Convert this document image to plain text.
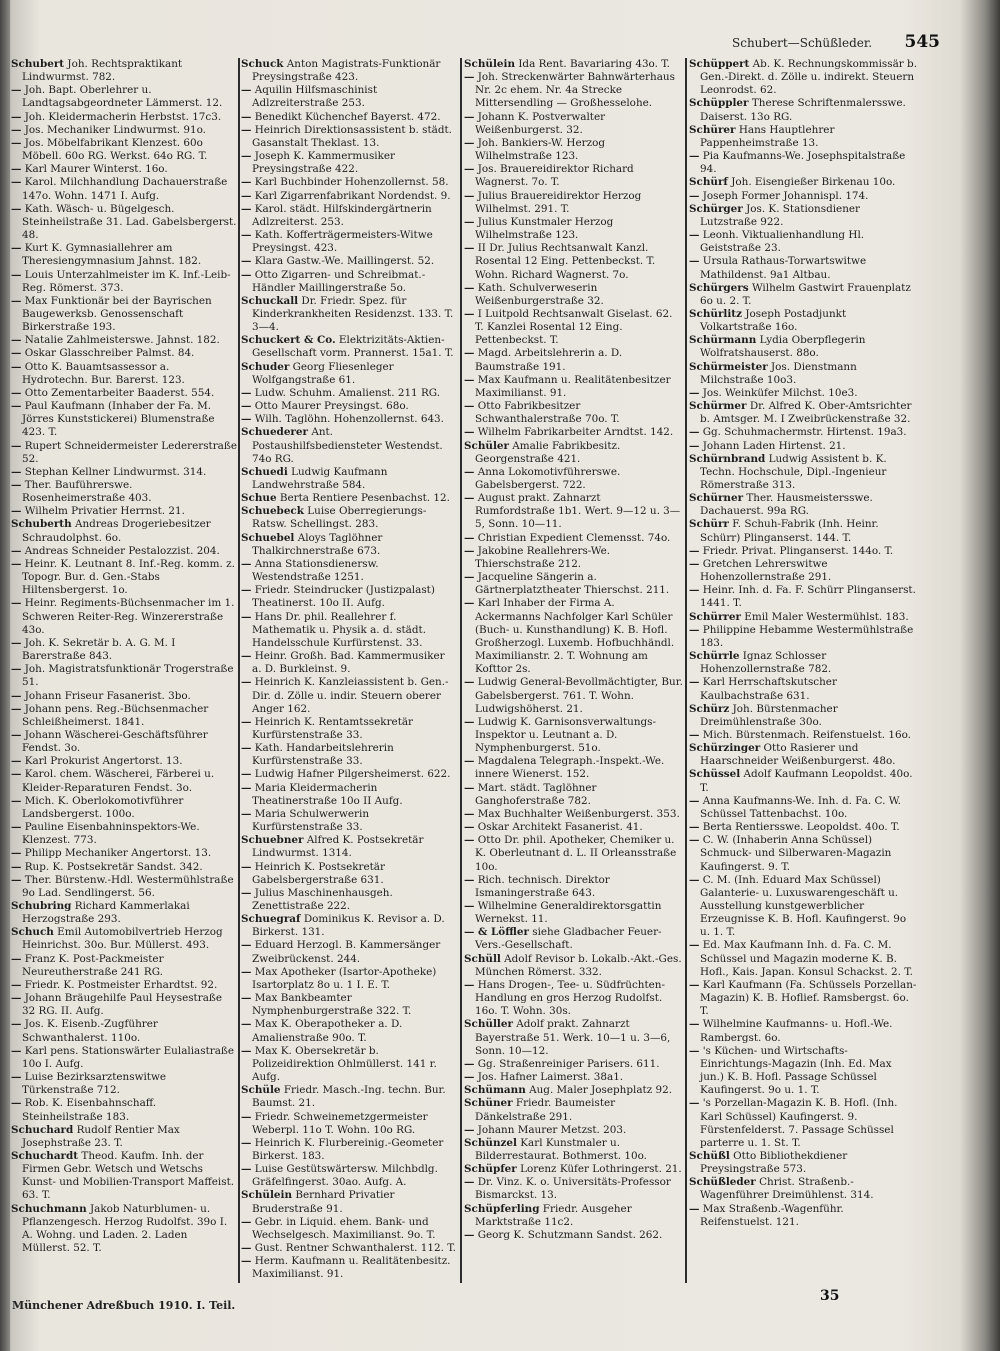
Schubert—Schüßleder. 545

Schubert Joh. Rechtspraktikant Lindwurmst. 782.

— Joh. Bapt. Oberlehrer u. Landtagsabgeordneter Lämmerst. 12.

— Joh. Kleidermacherin Herbstst. 17c3.

— Jos. Mechaniker Lindwurmst. 91o.

— Jos. Möbelfabrikant Klenzest. 60o Möbell. 60o RG. Werkst. 64o RG. T.

— Karl Maurer Winterst. 16o.

— Karol. Milchhandlung Dachauerstraße 147o. Wohn. 1471 I. Aufg.

— Kath. Wäsch- u. Bügelgesch. Steinheilstraße 31. Lad. Gabelsbergerst. 48.

— Kurt K. Gymnasiallehrer am Theresiengymnasium Jahnst. 182.

— Louis Unterzahlmeister im K. Inf.-Leib-Reg. Römerst. 373.

— Max Funktionär bei der Bayrischen Baugewerksb. Genossenschaft Birkerstraße 193.

— Natalie Zahlmeisterswe. Jahnst. 182.

— Oskar Glasschreiber Palmst. 84.

— Otto K. Bauamtsassessor a. Hydrotechn. Bur. Barerst. 123.

— Otto Zementarbeiter Baaderst. 554.

— Paul Kaufmann (Inhaber der Fa. M. Jörres Kunststickerei) Blumenstraße 423. T.

— Rupert Schneidermeister Ledererstraße 52.

— Stephan Kellner Lindwurmst. 314.

— Ther. Bauführerswe. Rosenheimerstraße 403.

— Wilhelm Privatier Herrnst. 21.

Schuberth Andreas Drogeriebesitzer Schraudolphst. 6o.

— Andreas Schneider Pestalozzist. 204.

— Heinr. K. Leutnant 8. Inf.-Reg. komm. z. Topogr. Bur. d. Gen.-Stabs Hiltensbergerst. 1o.

— Heinr. Regiments-Büchsenmacher im 1. Schweren Reiter-Reg. Winzererstraße 43o.

— Joh. K. Sekretär b. A. G. M. I Barerstraße 843.

— Joh. Magistratsfunktionär Trogerstraße 51.

— Johann Friseur Fasanerist. 3bo.

— Johann pens. Reg.-Büchsenmacher Schleißheimerst. 1841.

— Johann Wäscherei-Geschäftsführer Fendst. 3o.

— Karl Prokurist Angertorst. 13.

— Karol. chem. Wäscherei, Färberei u. Kleider-Reparaturen Fendst. 3o.

— Mich. K. Oberlokomotivführer Landsbergerst. 100o.

— Pauline Eisenbahninspektors-We. Klenzest. 773.

— Philipp Mechaniker Angertorst. 13.

— Rup. K. Postsekretär Sandst. 342.

— Ther. Bürstenw.-Hdl. Westermühlstraße 9o Lad. Sendlingerst. 56.

Schubring Richard Kammerlakai Herzogstraße 293.

Schuch Emil Automobilvertrieb Herzog Heinrichst. 30o. Bur. Müllerst. 493.

— Franz K. Post-Packmeister Neureutherstraße 241 RG.

— Friedr. K. Postmeister Erhardtst. 92.

— Johann Bräugehilfe Paul Heysestraße 32 RG. II. Aufg.

— Jos. K. Eisenb.-Zugführer Schwanthalerst. 110o.

— Karl pens. Stationswärter Eulaliastraße 10o I. Aufg.

— Luise Bezirksarztenswitwe Türkenstraße 712.

— Rob. K. Eisenbahnschaff. Steinheilstraße 183.

Schuchard Rudolf Rentier Max Josephstraße 23. T.

Schuchardt Theod. Kaufm. Inh. der Firmen Gebr. Wetsch und Wetschs Kunst- und Mobilien-Transport Maffeist. 63. T.

Schuchmann Jakob Naturblumen- u. Pflanzengesch. Herzog Rudolfst. 39o I. A. Wohng. und Laden. 2. Laden Müllerst. 52. T.

Schuck Anton Magistrats-Funktionär Preysingstraße 423.

— Aquilin Hilfsmaschinist Adlzreiterstraße 253.

— Benedikt Küchenchef Bayerst. 472.

— Heinrich Direktionsassistent b. städt. Gasanstalt Theklast. 13.

— Joseph K. Kammermusiker Preysingstraße 422.

— Karl Buchbinder Hohenzollernst. 58.

— Karl Zigarrenfabrikant Nordendst. 9.

— Karol. städt. Hilfskindergärtnerin Adlzreiterst. 253.

— Kath. Kofferträgermeisters-Witwe Preysingst. 423.

— Klara Gastw.-We. Maillingerst. 52.

— Otto Zigarren- und Schreibmat.-Händler Maillingerstraße 5o.

Schuckall Dr. Friedr. Spez. für Kinderkrankheiten Residenzst. 133. T. 3—4.

Schuckert & Co. Elektrizitäts-Aktien-Gesellschaft vorm. Prannerst. 15a1. T.

Schuder Georg Fliesenleger Wolfgangstraße 61.

— Ludw. Schuhm. Amalienst. 211 RG.

— Otto Maurer Preysingst. 68o.

— Wilh. Taglöhn. Hohenzollernst. 643.

Schuederer Ant. Postaushilfsbediensteter Westendst. 74o RG.

Schuedi Ludwig Kaufmann Landwehrstraße 584.

Schue Berta Rentiere Pesenbachst. 12.

Schuebeck Luise Oberregierungs-Ratsw. Schellingst. 283.

Schuebel Aloys Taglöhner Thalkirchnerstraße 673.

— Anna Stationsdienersw. Westendstraße 1251.

— Friedr. Steindrucker (Justizpalast) Theatinerst. 10o II. Aufg.

— Hans Dr. phil. Reallehrer f. Mathematik u. Physik a. d. städt. Handelsschule Kurfürstenst. 33.

— Heinr. Großh. Bad. Kammermusiker a. D. Burkleinst. 9.

— Heinrich K. Kanzleiassistent b. Gen.-Dir. d. Zölle u. indir. Steuern oberer Anger 162.

— Heinrich K. Rentamtssekretär Kurfürstenstraße 33.

— Kath. Handarbeitslehrerin Kurfürstenstraße 33.

— Ludwig Hafner Pilgersheimerst. 622.

— Maria Kleidermacherin Theatinerstraße 10o II Aufg.

— Maria Schulwerwerin Kurfürstenstraße 33.

Schuebner Alfred K. Postsekretär Lindwurmst. 1314.

— Heinrich K. Postsekretär Gabelsbergerstraße 631.

— Julius Maschinenhausgeh. Zenettistraße 222.

Schuegraf Dominikus K. Revisor a. D. Birkerst. 131.

— Eduard Herzogl. B. Kammersänger Zweibrückenst. 244.

— Max Apotheker (Isartor-Apotheke) Isartorplatz 8o u. 1 I. E. T.

— Max Bankbeamter Nymphenburgerstraße 322. T.

— Max K. Oberapotheker a. D. Amalienstraße 90o. T.

— Max K. Obersekretär b. Polizeidirektion Ohlmüllerst. 141 r. Aufg.

Schüle Friedr. Masch.-Ing. techn. Bur. Baumst. 21.

— Friedr. Schweinemetzgermeister Weberpl. 11o T. Wohn. 10o RG.

— Heinrich K. Flurbereinig.-Geometer Birkerst. 183.

— Luise Gestütswärtersw. Milchbdlg. Gräfelfingerst. 30ao. Aufg. A.

Schülein Bernhard Privatier Bruderstraße 91.

— Gebr. in Liquid. ehem. Bank- und Wechselgesch. Maximilianst. 9o. T.

— Gust. Rentner Schwanthalerst. 112. T.

— Herm. Kaufmann u. Realitätenbesitz. Maximilianst. 91.

Schülein Ida Rent. Bavariaring 43o. T.

— Joh. Streckenwärter Bahnwärterhaus Nr. 2c ehem. Nr. 4a Strecke Mittersendling — Großhesselohe.

— Johann K. Postverwalter Weißenburgerst. 32.

— Joh. Bankiers-W. Herzog Wilhelmstraße 123.

— Jos. Brauereidirektor Richard Wagnerst. 7o. T.

— Julius Brauereidirektor Herzog Wilhelmst. 291. T.

— Julius Kunstmaler Herzog Wilhelmstraße 123.

— II Dr. Julius Rechtsanwalt Kanzl. Rosental 12 Eing. Pettenbeckst. T. Wohn. Richard Wagnerst. 7o.

— Kath. Schulverweserin Weißenburgerstraße 32.

— I Luitpold Rechtsanwalt Giselast. 62. T. Kanzlei Rosental 12 Eing. Pettenbeckst. T.

— Magd. Arbeitslehrerin a. D. Baumstraße 191.

— Max Kaufmann u. Realitätenbesitzer Maximilianst. 91.

— Otto Fabrikbesitzer Schwanthalerstraße 70o. T.

— Wilhelm Fabrikarbeiter Arndtst. 142.

Schüler Amalie Fabrikbesitz. Georgenstraße 421.

— Anna Lokomotivführerswe. Gabelsbergerst. 722.

— August prakt. Zahnarzt Rumfordstraße 1b1. Wert. 9—12 u. 3—5, Sonn. 10—11.

— Christian Expedient Clemensst. 74o.

— Jakobine Reallehrers-We. Thierschstraße 212.

— Jacqueline Sängerin a. Gärtnerplatztheater Thierschst. 211.

— Karl Inhaber der Firma A. Ackermanns Nachfolger Karl Schüler (Buch- u. Kunsthandlung) K. B. Hofl. Großherzogl. Luxemb. Hofbuchhändl. Maximilianstr. 2. T. Wohnung am Kofttor 2s.

— Ludwig General-Bevollmächtigter, Bur. Gabelsbergerst. 761. T. Wohn. Ludwigshöherst. 21.

— Ludwig K. Garnisonsverwaltungs-Inspektor u. Leutnant a. D. Nymphenburgerst. 51o.

— Magdalena Telegraph.-Inspekt.-We. innere Wienerst. 152.

— Mart. städt. Taglöhner Ganghoferstraße 782.

— Max Buchhalter Weißenburgerst. 353.

— Oskar Architekt Fasanerist. 41.

— Otto Dr. phil. Apotheker, Chemiker u. K. Oberleutnant d. L. II Orleansstraße 10o.

— Rich. technisch. Direktor Ismaningerstraße 643.

— Wilhelmine Generaldirektorsgattin Wernekst. 11.

— & Löffler siehe Gladbacher Feuer-Vers.-Gesellschaft.

Schüll Adolf Revisor b. Lokalb.-Akt.-Ges. München Römerst. 332.

— Hans Drogen-, Tee- u. Südfrüchten-Handlung en gros Herzog Rudolfst. 16o. T. Wohn. 30s.

Schüller Adolf prakt. Zahnarzt Bayerstraße 51. Werk. 10—1 u. 3—6, Sonn. 10—12.

— Gg. Straßenreiniger Parisers. 611.

— Jos. Hafner Laimerst. 38a1.

Schümann Aug. Maler Josephplatz 92.

Schüner Friedr. Baumeister Dänkelstraße 291.

— Johann Maurer Metzst. 203.

Schünzel Karl Kunstmaler u. Bilderrestaurat. Bothmerst. 10o.

Schüpfer Lorenz Küfer Lothringerst. 21.

— Dr. Vinz. K. o. Universitäts-Professor Bismarckst. 13.

Schüpferling Friedr. Ausgeher Marktstraße 11c2.

— Georg K. Schutzmann Sandst. 262.

Schüppert Ab. K. Rechnungskommissär b. Gen.-Direkt. d. Zölle u. indirekt. Steuern Leonrodst. 62.

Schüppler Therese Schriftenmalersswe. Daiserst. 13o RG.

Schürer Hans Hauptlehrer Pappenheimstraße 13.

— Pia Kaufmanns-We. Josephspitalstraße 94.

Schürf Joh. Eisengießer Birkenau 10o.

— Joseph Former Johannispl. 174.

Schürger Jos. K. Stationsdiener Lutzstraße 922.

— Leonh. Viktualienhandlung Hl. Geiststraße 23.

— Ursula Rathaus-Torwartswitwe Mathildenst. 9a1 Altbau.

Schürgers Wilhelm Gastwirt Frauenplatz 6o u. 2. T.

Schürlitz Joseph Postadjunkt Volkartstraße 16o.

Schürmann Lydia Oberpflegerin Wolfratshauserst. 88o.

Schürmeister Jos. Dienstmann Milchstraße 10o3.

— Jos. Weinküfer Milchst. 10e3.

Schürmer Dr. Alfred K. Ober-Amtsrichter b. Amtsger. M. I Zweibrückenstraße 32.

— Gg. Schuhmachermstr. Hirtenst. 19a3.

— Johann Laden Hirtenst. 21.

Schürnbrand Ludwig Assistent b. K. Techn. Hochschule, Dipl.-Ingenieur Römerstraße 313.

Schürner Ther. Hausmeistersswe. Dachauerst. 99a RG.

Schürr F. Schuh-Fabrik (Inh. Heinr. Schürr) Plinganserst. 144. T.

— Friedr. Privat. Plinganserst. 144o. T.

— Gretchen Lehrerswitwe Hohenzollernstraße 291.

— Heinr. Inh. d. Fa. F. Schürr Plinganserst. 1441. T.

Schürrer Emil Maler Westermühlst. 183.

— Philippine Hebamme Westermühlstraße 183.

Schürrle Ignaz Schlosser Hohenzollernstraße 782.

— Karl Herrschaftskutscher Kaulbachstraße 631.

Schürz Joh. Bürstenmacher Dreimühlenstraße 30o.

— Mich. Bürstenmach. Reifenstuelst. 16o.

Schürzinger Otto Rasierer und Haarschneider Weißenburgerst. 48o.

Schüssel Adolf Kaufmann Leopoldst. 40o. T.

— Anna Kaufmanns-We. Inh. d. Fa. C. W. Schüssel Tattenbachst. 10o.

— Berta Rentiersswe. Leopoldst. 40o. T.

— C. W. (Inhaberin Anna Schüssel) Schmuck- und Silberwaren-Magazin Kaufingerst. 9. T.

— C. M. (Inh. Eduard Max Schüssel) Galanterie- u. Luxuswarengeschäft u. Ausstellung kunstgewerblicher Erzeugnisse K. B. Hofl. Kaufingerst. 9o u. 1. T.

— Ed. Max Kaufmann Inh. d. Fa. C. M. Schüssel und Magazin moderne K. B. Hofl., Kais. Japan. Konsul Schackst. 2. T.

— Karl Kaufmann (Fa. Schüssels Porzellan-Magazin) K. B. Hoflief. Ramsbergst. 6o. T.

— Wilhelmine Kaufmanns- u. Hofl.-We. Rambergst. 6o.

— 's Küchen- und Wirtschafts-Einrichtungs-Magazin (Inh. Ed. Max jun.) K. B. Hofl. Passage Schüssel Kaufingerst. 9o u. 1. T.

— 's Porzellan-Magazin K. B. Hofl. (Inh. Karl Schüssel) Kaufingerst. 9. Fürstenfelderst. 7. Passage Schüssel parterre u. 1. St. T.

Schüßl Otto Bibliothekdiener Preysingstraße 573.

Schüßleder Christ. Straßenb.-Wagenführer Dreimühlenst. 314.

— Max Straßenb.-Wagenführ. Reifenstuelst. 121.

Münchener Adreßbuch 1910. I. Teil.
35
